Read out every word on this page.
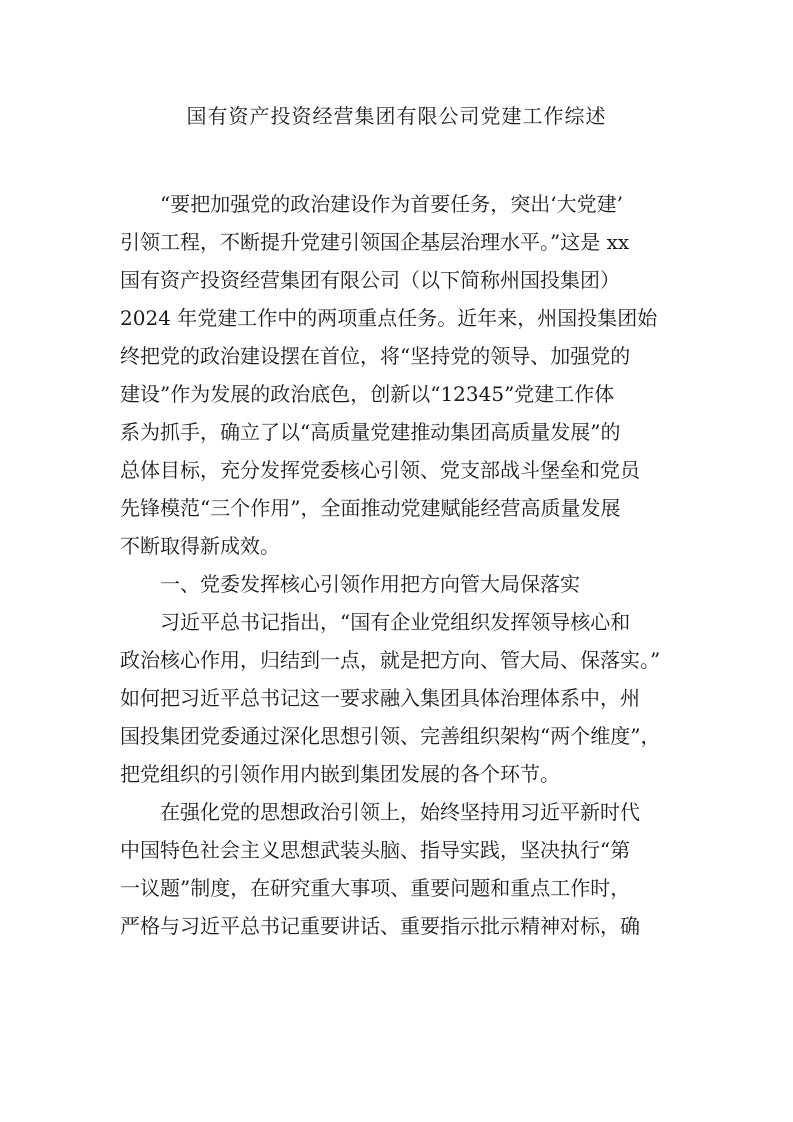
国有资产投资经营集团有限公司党建工作综述
“要把加强党的政治建设作为首要任务，突出‘大党建’
引领工程，不断提升党建引领国企基层治理水平。”这是 xx
国有资产投资经营集团有限公司（以下简称州国投集团）
2024 年党建工作中的两项重点任务。近年来，州国投集团始
终把党的政治建设摆在首位，将“坚持党的领导、加强党的
建设”作为发展的政治底色，创新以“12345”党建工作体
系为抓手，确立了以“高质量党建推动集团高质量发展”的
总体目标，充分发挥党委核心引领、党支部战斗堡垒和党员
先锋模范“三个作用”，全面推动党建赋能经营高质量发展
不断取得新成效。
一、党委发挥核心引领作用把方向管大局保落实
习近平总书记指出，“国有企业党组织发挥领导核心和
政治核心作用，归结到一点，就是把方向、管大局、保落实。”
如何把习近平总书记这一要求融入集团具体治理体系中，州
国投集团党委通过深化思想引领、完善组织架构“两个维度”，
把党组织的引领作用内嵌到集团发展的各个环节。
在强化党的思想政治引领上，始终坚持用习近平新时代
中国特色社会主义思想武装头脑、指导实践，坚决执行“第
一议题”制度，在研究重大事项、重要问题和重点工作时，
严格与习近平总书记重要讲话、重要指示批示精神对标，确
